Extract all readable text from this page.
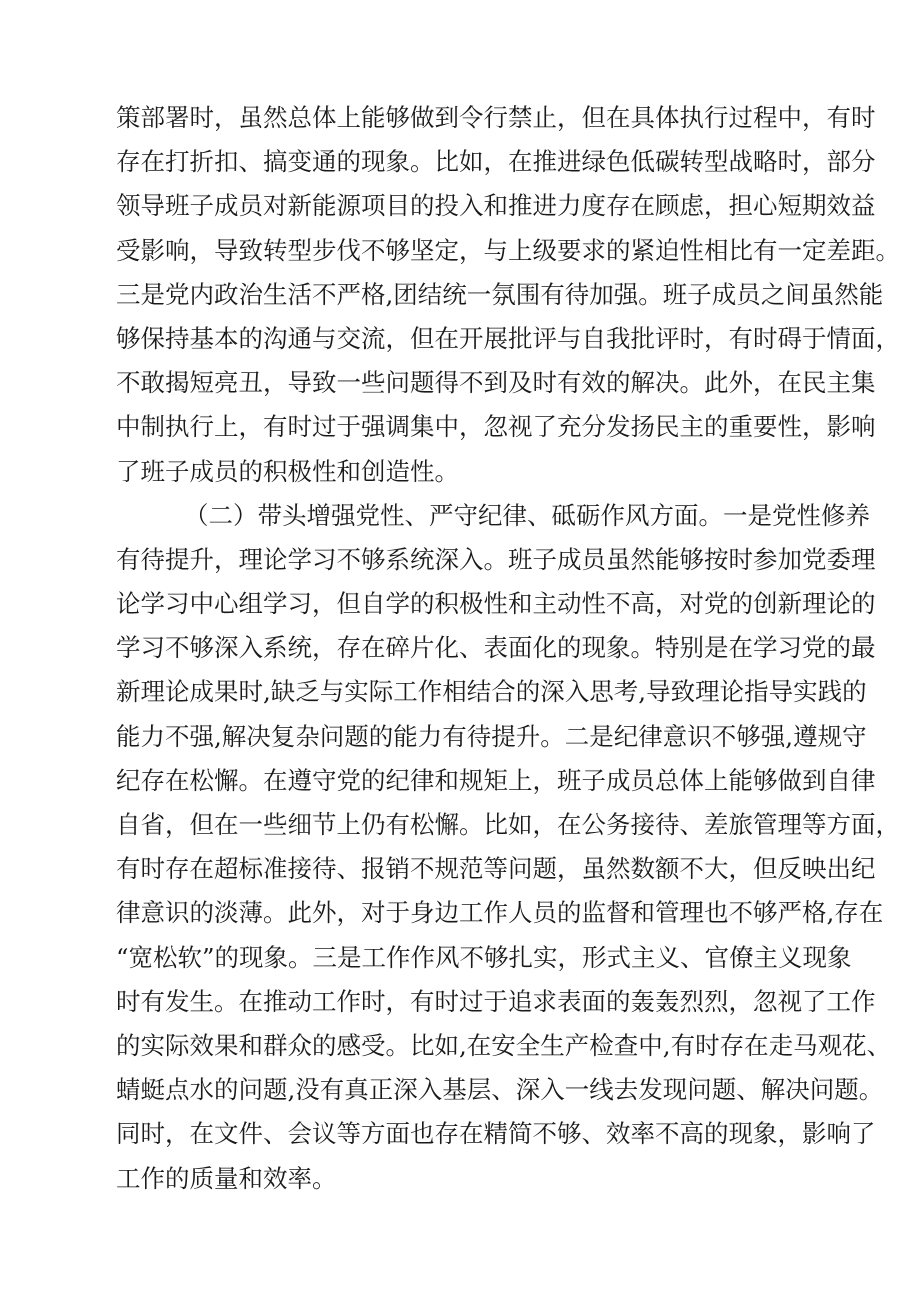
策部署时，虽然总体上能够做到令行禁止，但在具体执行过程中，有时
存在打折扣、搞变通的现象。比如，在推进绿色低碳转型战略时，部分
领导班子成员对新能源项目的投入和推进力度存在顾虑，担心短期效益
受影响，导致转型步伐不够坚定，与上级要求的紧迫性相比有一定差距。
三是党内政治生活不严格,团结统一氛围有待加强。班子成员之间虽然能
够保持基本的沟通与交流，但在开展批评与自我批评时，有时碍于情面，
不敢揭短亮丑，导致一些问题得不到及时有效的解决。此外，在民主集
中制执行上，有时过于强调集中，忽视了充分发扬民主的重要性，影响
了班子成员的积极性和创造性。
（二）带头增强党性、严守纪律、砥砺作风方面。一是党性修养
有待提升，理论学习不够系统深入。班子成员虽然能够按时参加党委理
论学习中心组学习，但自学的积极性和主动性不高，对党的创新理论的
学习不够深入系统，存在碎片化、表面化的现象。特别是在学习党的最
新理论成果时,缺乏与实际工作相结合的深入思考,导致理论指导实践的
能力不强,解决复杂问题的能力有待提升。二是纪律意识不够强,遵规守
纪存在松懈。在遵守党的纪律和规矩上，班子成员总体上能够做到自律
自省，但在一些细节上仍有松懈。比如，在公务接待、差旅管理等方面，
有时存在超标准接待、报销不规范等问题，虽然数额不大，但反映出纪
律意识的淡薄。此外，对于身边工作人员的监督和管理也不够严格,存在
“宽松软”的现象。三是工作作风不够扎实，形式主义、官僚主义现象
时有发生。在推动工作时，有时过于追求表面的轰轰烈烈，忽视了工作
的实际效果和群众的感受。比如,在安全生产检查中,有时存在走马观花、
蜻蜓点水的问题,没有真正深入基层、深入一线去发现问题、解决问题。
同时，在文件、会议等方面也存在精简不够、效率不高的现象，影响了
工作的质量和效率。
